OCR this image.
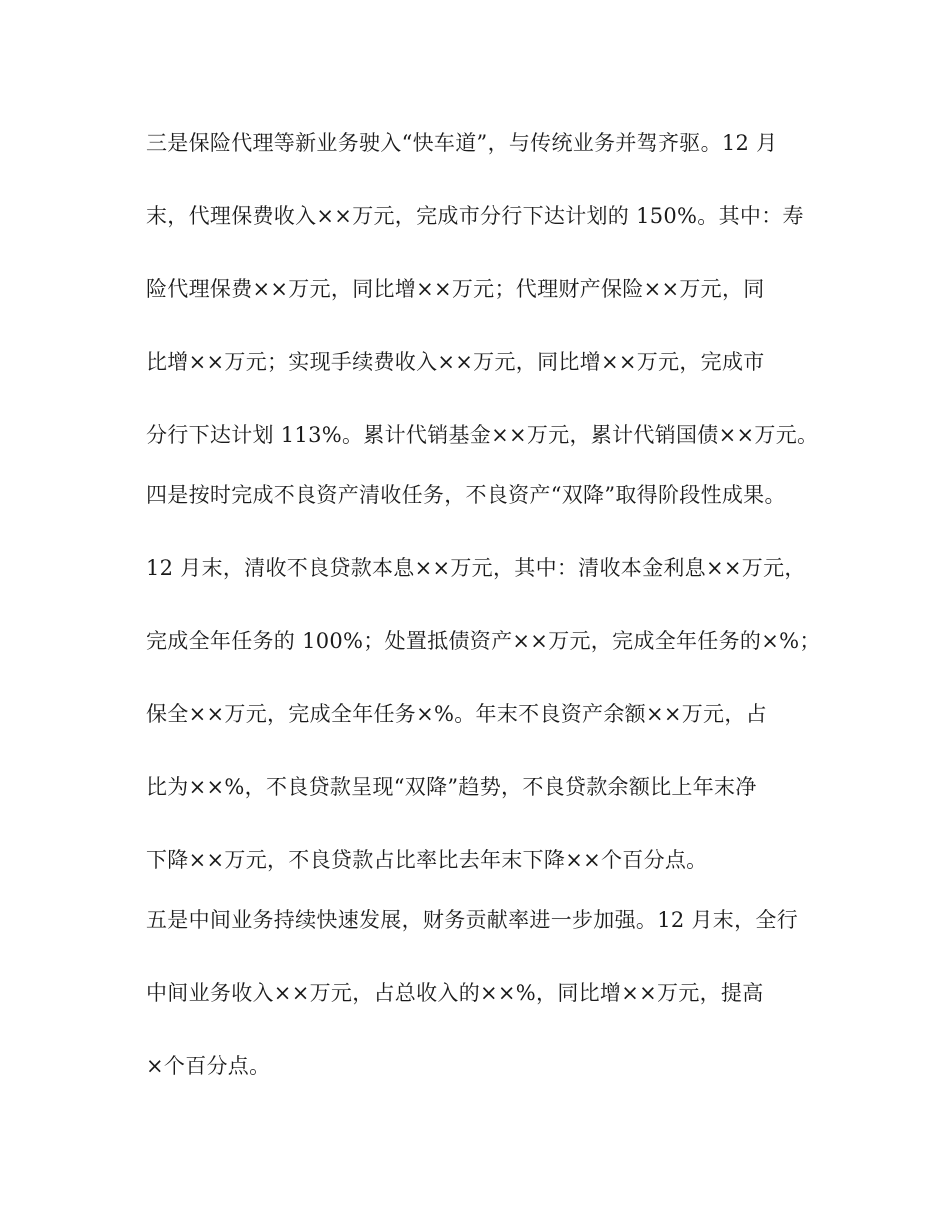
三是保险代理等新业务驶入“快车道”，与传统业务并驾齐驱。12 月
末，代理保费收入××万元，完成市分行下达计划的 150%。其中：寿
险代理保费××万元，同比增××万元；代理财产保险××万元，同
比增××万元；实现手续费收入××万元，同比增××万元，完成市
分行下达计划 113%。累计代销基金××万元，累计代销国债××万元。
四是按时完成不良资产清收任务，不良资产“双降”取得阶段性成果。
12 月末，清收不良贷款本息××万元，其中：清收本金利息××万元，
完成全年任务的 100%；处置抵债资产××万元，完成全年任务的×%；
保全××万元，完成全年任务×%。年末不良资产余额××万元，占
比为××%，不良贷款呈现“双降”趋势，不良贷款余额比上年末净
下降××万元，不良贷款占比率比去年末下降××个百分点。
五是中间业务持续快速发展，财务贡献率进一步加强。12 月末，全行
中间业务收入××万元，占总收入的××%，同比增××万元，提高
×个百分点。
